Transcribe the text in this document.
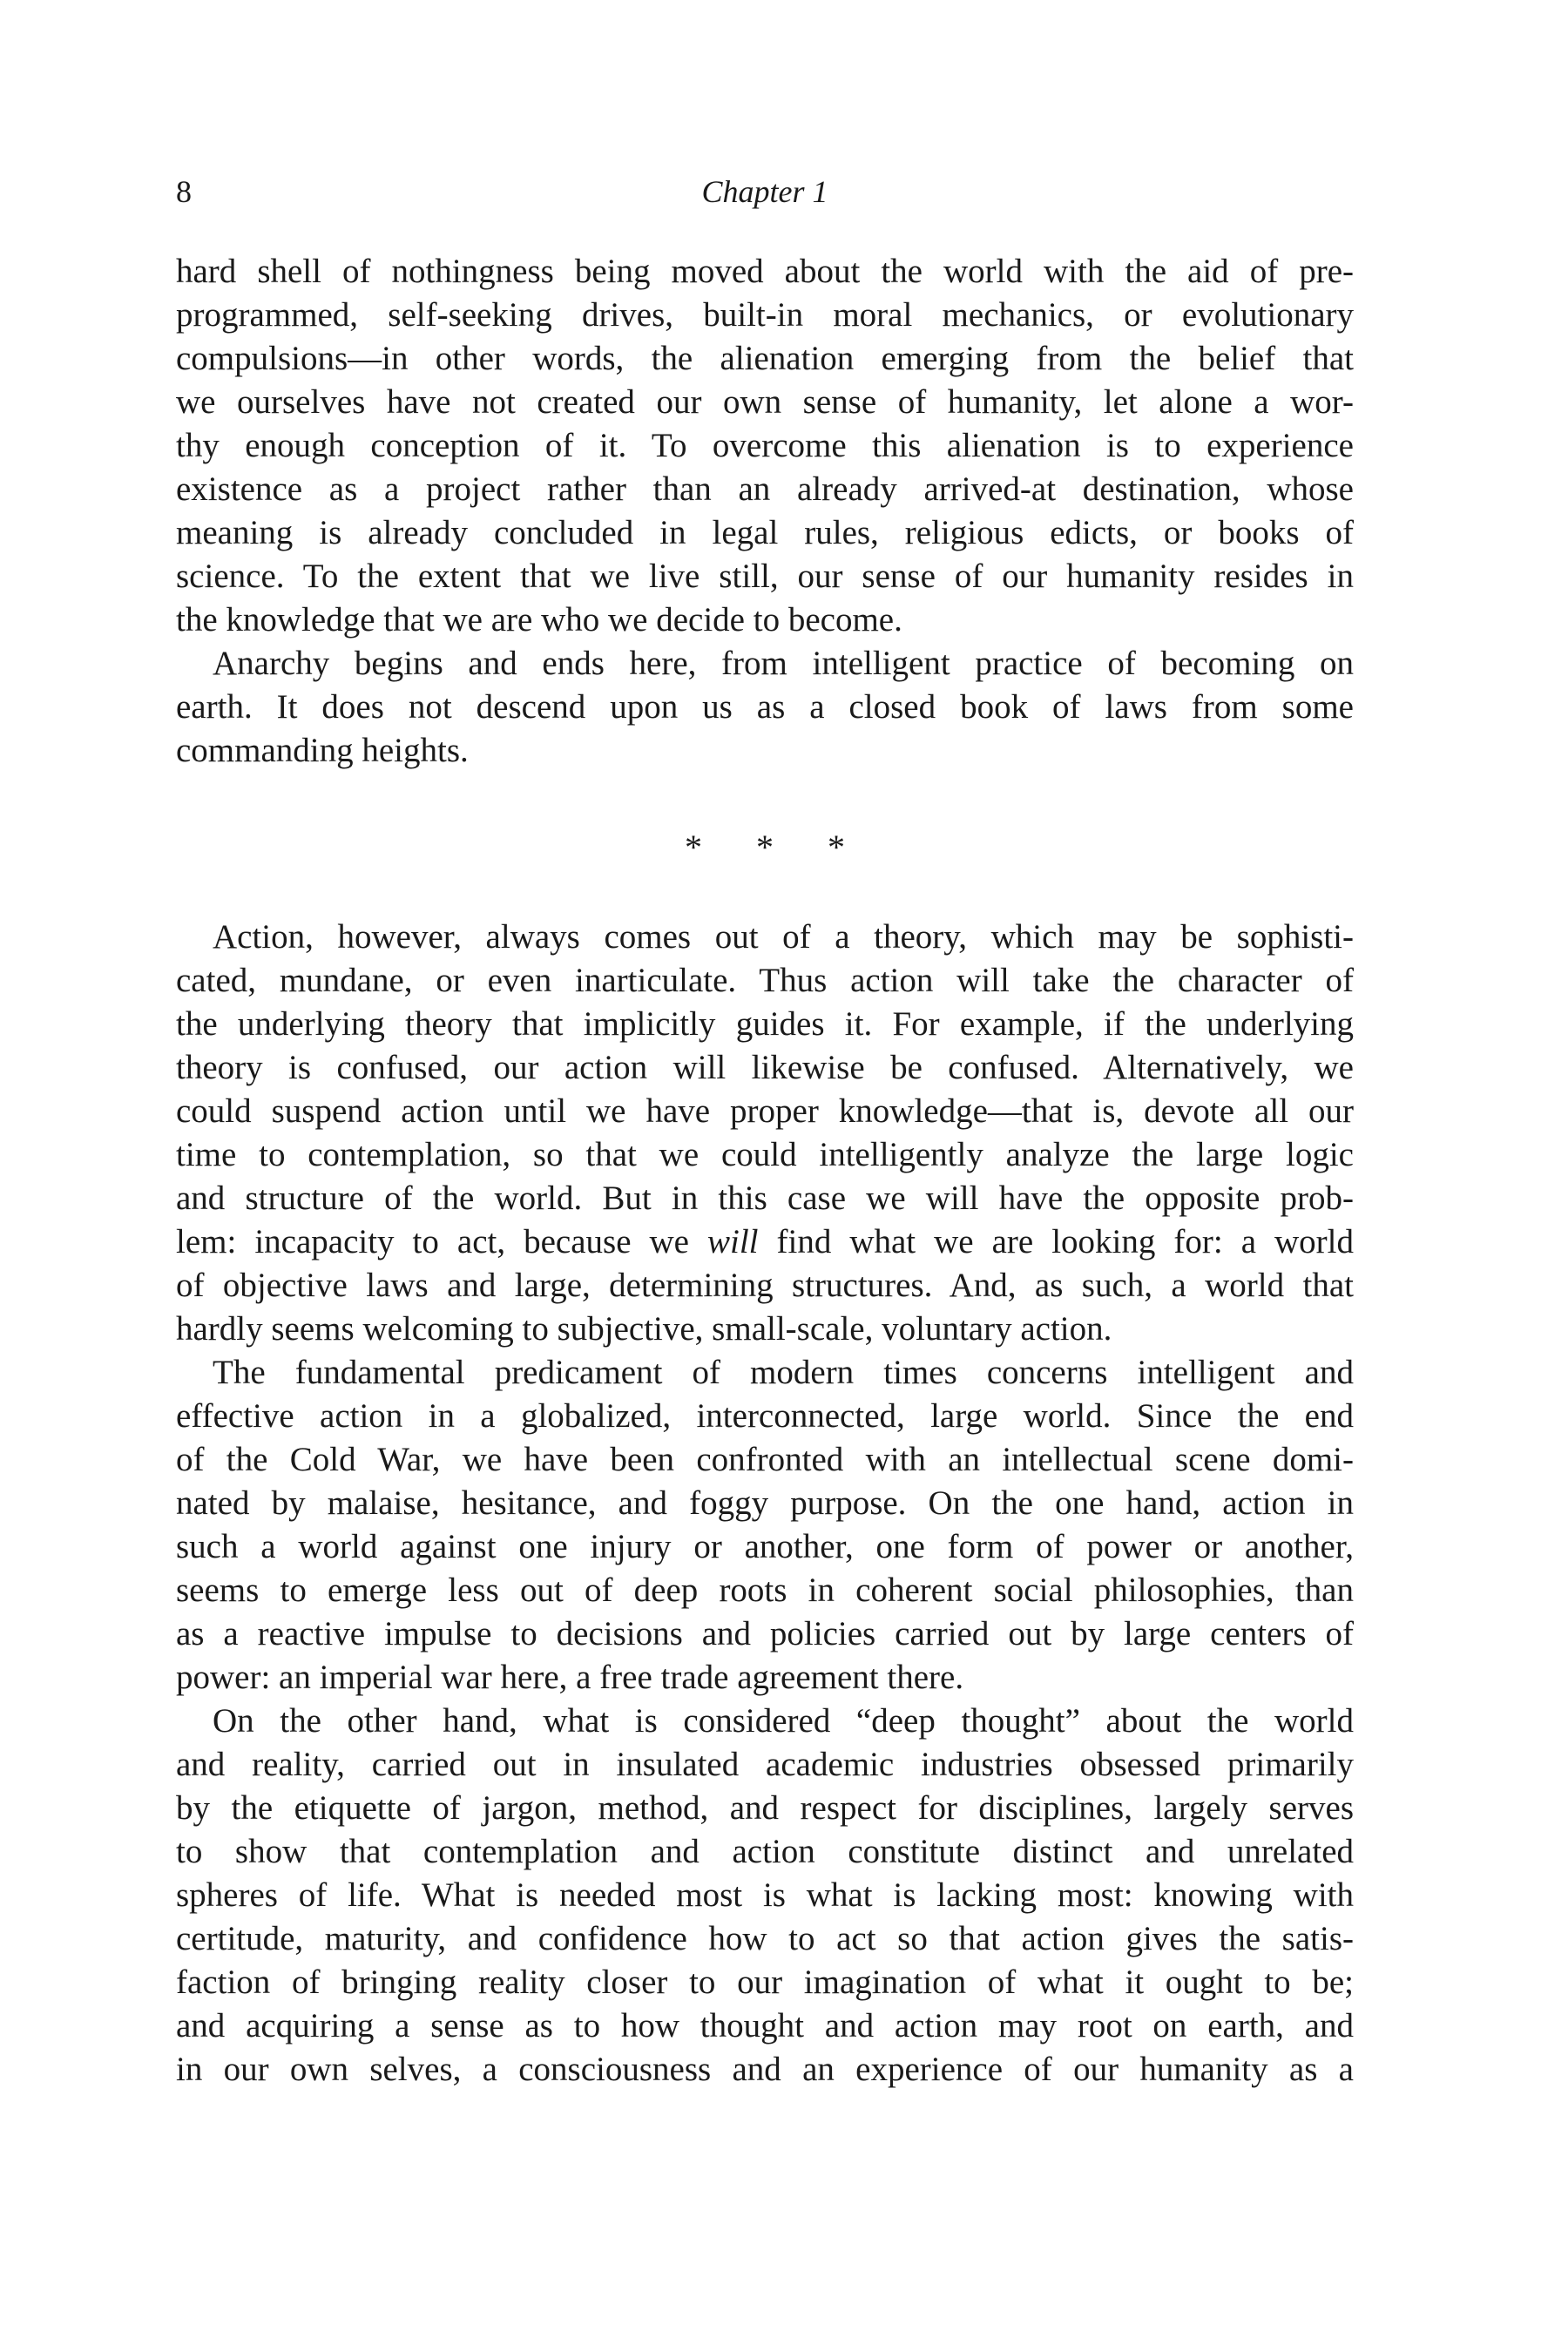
8	Chapter 1
hard shell of nothingness being moved about the world with the aid of pre-
programmed, self-seeking drives, built-in moral mechanics, or evolutionary
compulsions—in other words, the alienation emerging from the belief that
we ourselves have not created our own sense of humanity, let alone a wor-
thy enough conception of it. To overcome this alienation is to experience
existence as a project rather than an already arrived-at destination, whose
meaning is already concluded in legal rules, religious edicts, or books of
science. To the extent that we live still, our sense of our humanity resides in
the knowledge that we are who we decide to become.
Anarchy begins and ends here, from intelligent practice of becoming on
earth. It does not descend upon us as a closed book of laws from some
commanding heights.
* * *
Action, however, always comes out of a theory, which may be sophisti-
cated, mundane, or even inarticulate. Thus action will take the character of
the underlying theory that implicitly guides it. For example, if the underlying
theory is confused, our action will likewise be confused. Alternatively, we
could suspend action until we have proper knowledge—that is, devote all our
time to contemplation, so that we could intelligently analyze the large logic
and structure of the world. But in this case we will have the opposite prob-
lem: incapacity to act, because we will find what we are looking for: a world
of objective laws and large, determining structures. And, as such, a world that
hardly seems welcoming to subjective, small-scale, voluntary action.
The fundamental predicament of modern times concerns intelligent and
effective action in a globalized, interconnected, large world. Since the end
of the Cold War, we have been confronted with an intellectual scene domi-
nated by malaise, hesitance, and foggy purpose. On the one hand, action in
such a world against one injury or another, one form of power or another,
seems to emerge less out of deep roots in coherent social philosophies, than
as a reactive impulse to decisions and policies carried out by large centers of
power: an imperial war here, a free trade agreement there.
On the other hand, what is considered “deep thought” about the world
and reality, carried out in insulated academic industries obsessed primarily
by the etiquette of jargon, method, and respect for disciplines, largely serves
to show that contemplation and action constitute distinct and unrelated
spheres of life. What is needed most is what is lacking most: knowing with
certitude, maturity, and confidence how to act so that action gives the satis-
faction of bringing reality closer to our imagination of what it ought to be;
and acquiring a sense as to how thought and action may root on earth, and
in our own selves, a consciousness and an experience of our humanity as a
